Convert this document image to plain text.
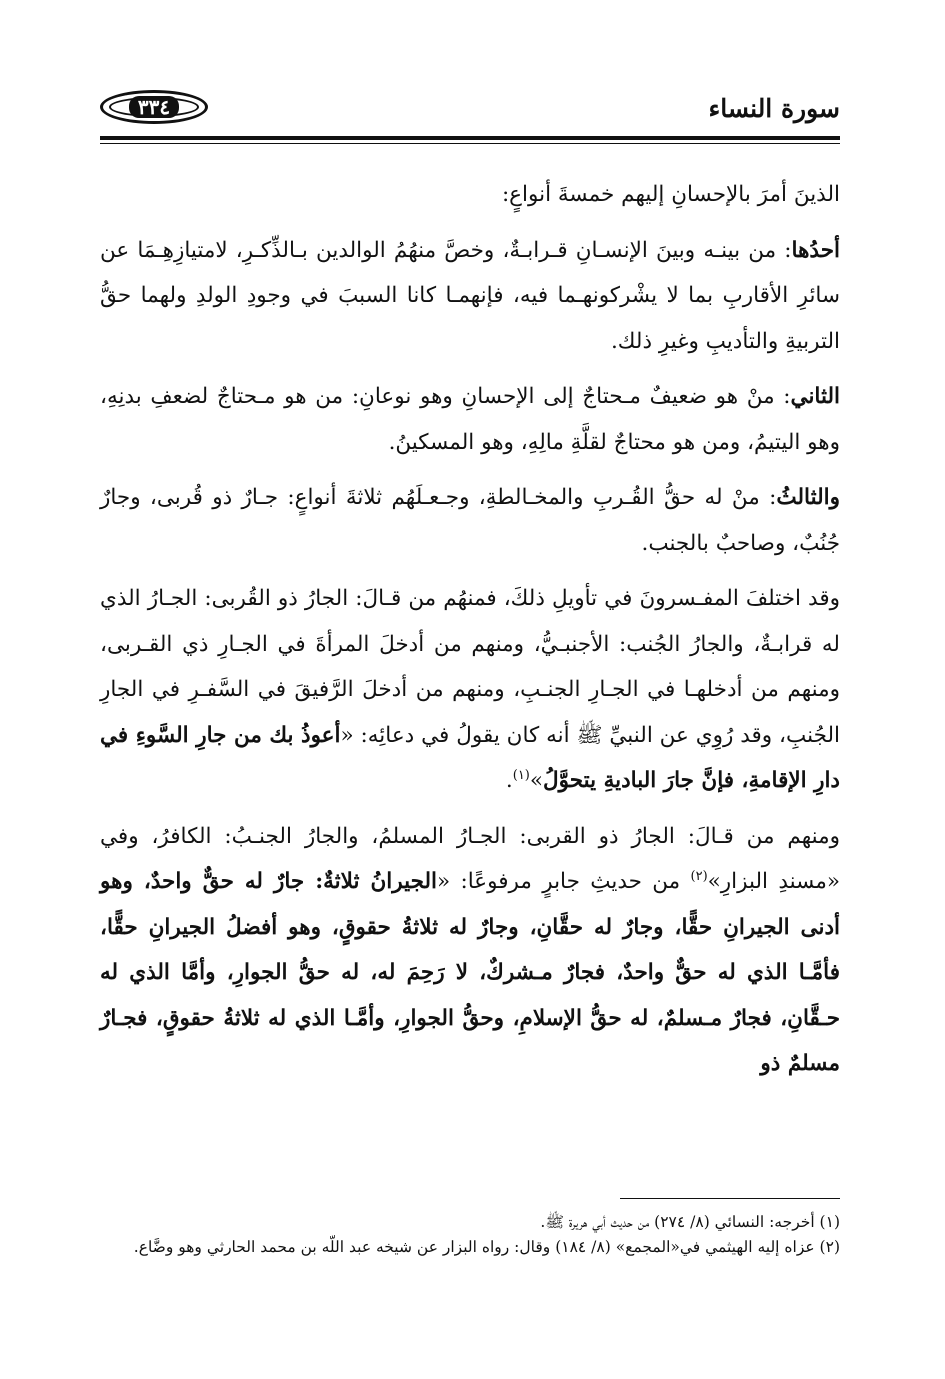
٣٣٤	سورة النساء

الذينَ أمرَ بالإحسانِ إليهم خمسةَ أنواعٍ:

أحدُها: من بينـه وبينَ الإنسـانِ قـرابـةٌ، وخصَّ منهُمُ الوالدين بـالذِّكـرِ، لامتيازِهِـمَا عن سائرِ الأقاربِ بما لا يشْركونهـما فيه، فإنهمـا كانا السببَ في وجودِ الولدِ ولهما حقُّ التربيةِ والتأديبِ وغيرِ ذلك.

الثاني: منْ هو ضعيفٌ مـحتاجٌ إلى الإحسانِ وهو نوعانِ: من هو مـحتاجٌ لضعفِ بدنِهِ، وهو اليتيمُ، ومن هو محتاجٌ لقلَّةِ مالِهِ، وهو المسكينُ.

والثالثُ: منْ له حقُّ القُـربِ والمخـالطةِ، وجـعـلَهُم ثلاثةَ أنواعٍ: جـارٌ ذو قُربى، وجارٌ جُنُبٌ، وصاحبٌ بالجنب.

وقد اختلفَ المفـسرونَ في تأويلِ ذلكَ، فمنهُم من قـالَ: الجارُ ذو القُربى: الجـارُ الذي له قرابـةٌ، والجارُ الجُنب: الأجنبـيُّ، ومنهم من أدخلَ المرأةَ في الجـارِ ذي القـربى، ومنهم من أدخلهـا في الجـارِ الجنـبِ، ومنهم من أدخلَ الرَّفيقَ في السَّفـرِ في الجارِ الجُنبِ، وقد رُوِي عن النبيِّ ﷺ أنه كان يقولُ في دعائِه: «أعوذُ بك من جارِ السَّوءِ في دارِ الإقامةِ، فإنَّ جارَ الباديةِ يتحوَّلُ»$^{(١)}$.

ومنهم من قـالَ: الجارُ ذو القربى: الجـارُ المسلمُ، والجارُ الجنـبُ: الكافرُ، وفي «مسندِ البزارِ»$^{(٢)}$ من حديثِ جابرٍ مرفوعًا: «الجيرانُ ثلاثةٌ: جارٌ له حقٌّ واحدٌ، وهو أدنى الجيرانِ حقًّا، وجارٌ له حقَّانِ، وجارٌ له ثلاثةُ حقوقٍ، وهو أفضلُ الجيرانِ حقًّا، فأمَّـا الذي له حقٌّ واحدٌ، فجارٌ مـشركٌ، لا رَحِمَ له، له حقُّ الجوارِ، وأمَّا الذي له حـقَّانِ، فجارٌ مـسلمٌ، له حقُّ الإسلامِ، وحقُّ الجوارِ، وأمَّـا الذي له ثلاثةُ حقوقٍ، فجـارٌ مسلمٌ ذو

(١) أخرجه: النسائي (٨/ ٢٧٤) من حديث أبي هريرة ﷺ.

(٢) عزاه إليه الهيثمي في«المجمع» (٨/ ١٨٤) وقال: رواه البزار عن شيخه عبد اللّه بن محمد الحارثي وهو وضَّاع.
